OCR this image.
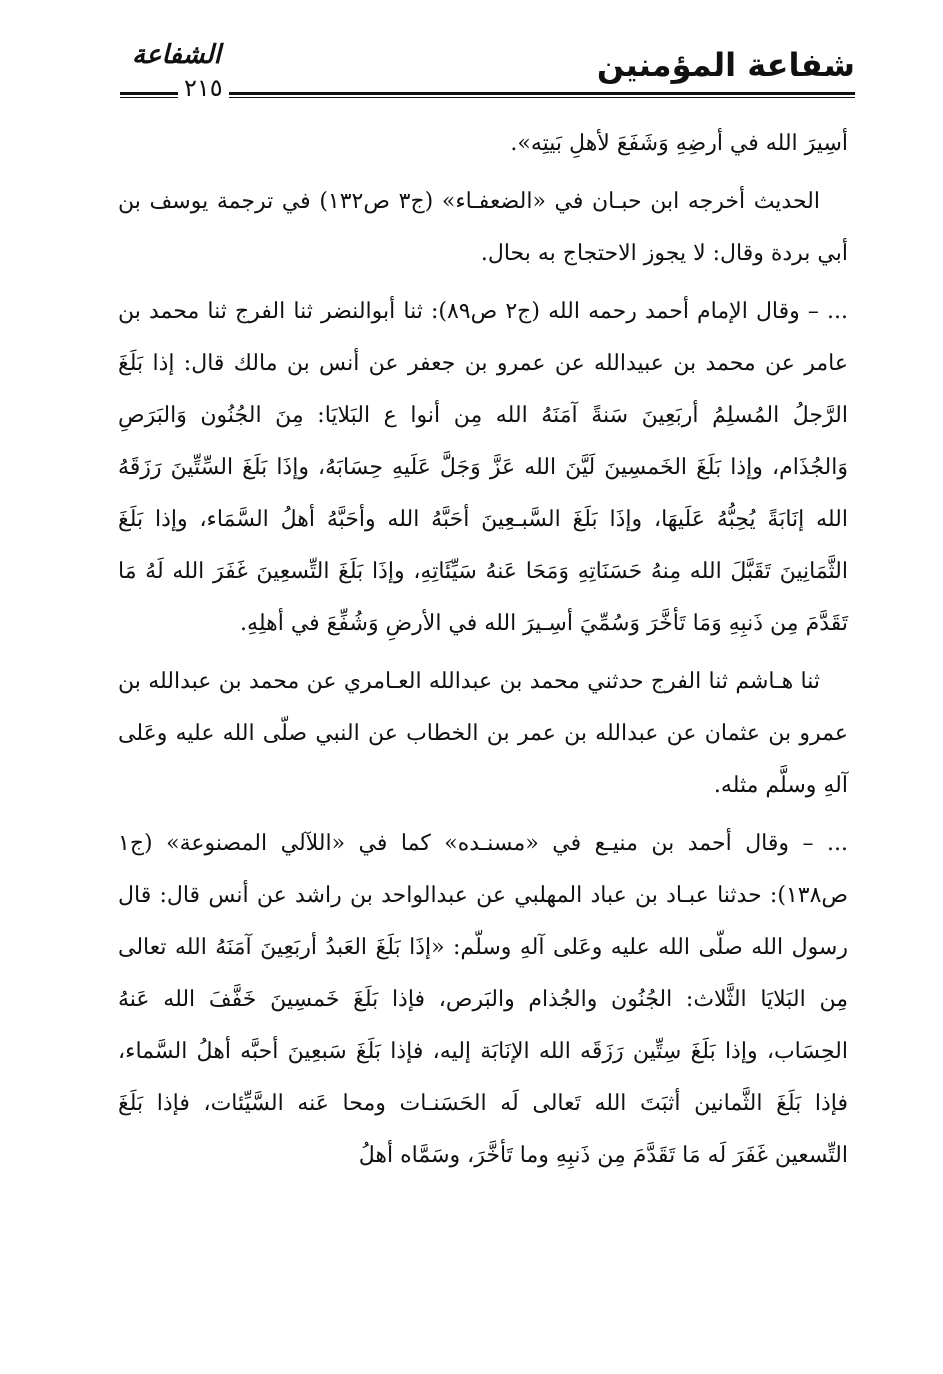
الشفاعة	شفاعة المؤمنين
٢١٥

أسِيرَ الله في أرضِهِ وَشَفَعَ لأهلِ بَيتِه».

الحديث أخرجه ابن حبـان في «الضعفـاء» (ج٣ ص١٣٢) في ترجمة يوسف بن أبي بردة وقال: لا يجوز الاحتجاج به بحال.

... – وقال الإمام أحمد رحمه الله (ج٢ ص٨٩): ثنا أبوالنضر ثنا الفرج ثنا محمد بن عامر عن محمد بن عبيدالله عن عمرو بن جعفر عن أنس بن مالك قال: إذا بَلَغَ الرَّجلُ المُسلِمُ أربَعِينَ سَنةً آمَنَهُ الله مِن أنوا ع البَلايَا: مِنَ الجُنُون وَالبَرَصِ وَالجُذَام، وإذا بَلَغَ الخَمسِينَ لَيَّنَ الله عَزَّ وَجَلَّ عَلَيهِ حِسَابَهُ، وإذَا بَلَغَ السِّتِّينَ رَزَقَهُ الله إنَابَةً يُحِبُّهُ عَلَيهَا، وإذَا بَلَغَ السَّبـعِينَ أحَبَّهُ الله وأحَبَّهُ أهلُ السَّمَاء، وإذا بَلَغَ الثَّمَانِينَ تَقَبَّلَ الله مِنهُ حَسَنَاتِهِ وَمَحَا عَنهُ سَيِّئَاتِهِ، وإذَا بَلَغَ التِّسعِينَ غَفَرَ الله لَهُ مَا تَقَدَّمَ مِن ذَنبِهِ وَمَا تَأخَّرَ وَسُمِّيَ أسِـيرَ الله في الأرضِ وَشُفِّعَ في أهلِهِ.

ثنا هـاشم ثنا الفرج حدثني محمد بن عبدالله العـامري عن محمد بن عبدالله بن عمرو بن عثمان عن عبدالله بن عمر بن الخطاب عن النبي صلّى الله عليه وعَلى آلهِ وسلَّم مثله.

... – وقال أحمد بن منيـع في «مسنـده» كما في «اللآلي المصنوعة» (ج١ ص١٣٨): حدثنا عبـاد بن عباد المهلبي عن عبدالواحد بن راشد عن أنس قال: قال رسول الله صلّى الله عليه وعَلى آلهِ وسلّم: «إذَا بَلَغَ العَبدُ أربَعِينَ آمَنَهُ الله تعالى مِن البَلايَا الثَّلاث: الجُنُون والجُذام والبَرص، فإذا بَلَغَ خَمسِينَ خَفَّفَ الله عَنهُ الحِسَاب، وإذا بَلَغَ سِتِّين رَزَقَه الله الإنَابَة إليه، فإذا بَلَغَ سَبعِينَ أحبَّه أهلُ السَّماء، فإذا بَلَغَ الثَّمانين أثبَتَ الله تَعالى لَه الحَسَنـات ومحا عَنه السَّيِّئات، فإذا بَلَغَ التِّسعين غَفَرَ لَه مَا تَقَدَّمَ مِن ذَنبِهِ وما تَأخَّرَ، وسَمَّاه أهلُ
